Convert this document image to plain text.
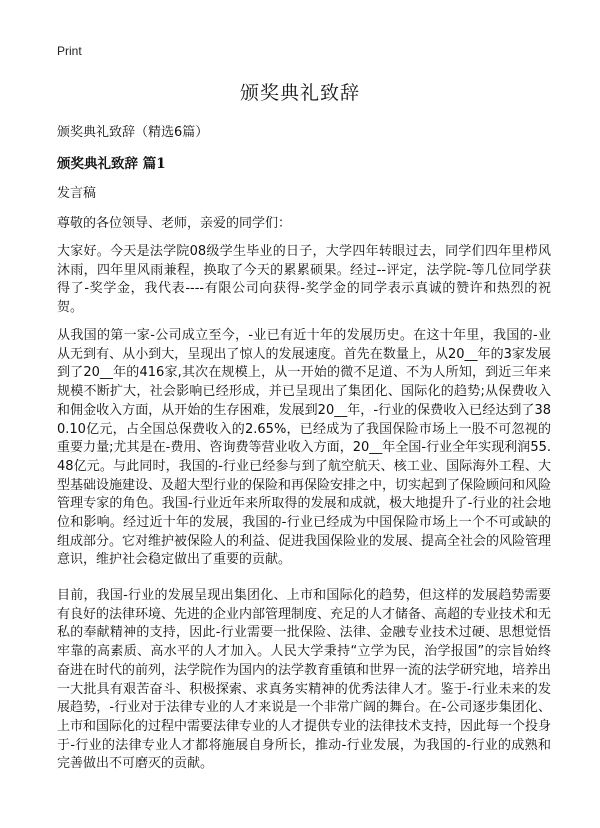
Print
颁奖典礼致辞
颁奖典礼致辞（精选6篇）
颁奖典礼致辞 篇1
发言稿
尊敬的各位领导、老师，亲爱的同学们：

大家好。今天是法学院08级学生毕业的日子，大学四年转眼过去，同学们四年里栉风沐雨，四年里风雨兼程，换取了今天的累累硕果。经过--评定，法学院-等几位同学获得了-奖学金，我代表----有限公司向获得-奖学金的同学表示真诚的赞许和热烈的祝贺。

从我国的第一家-公司成立至今，-业已有近十年的发展历史。在这十年里，我国的-业从无到有、从小到大，呈现出了惊人的发展速度。首先在数量上，从20__年的3家发展到了20__年的416家,其次在规模上，从一开始的微不足道、不为人所知，到近三年来规模不断扩大，社会影响已经形成，并已呈现出了集团化、国际化的趋势;从保费收入和佣金收入方面，从开始的生存困难，发展到20__年，-行业的保费收入已经达到了380.10亿元，占全国总保费收入的2.65%，已经成为了我国保险市场上一股不可忽视的重要力量;尤其是在-费用、咨询费等营业收入方面，20__年全国-行业全年实现利润55.48亿元。与此同时，我国的-行业已经参与到了航空航天、核工业、国际海外工程、大型基础设施建设、及超大型行业的保险和再保险安排之中，切实起到了保险顾问和风险管理专家的角色。我国-行业近年来所取得的发展和成就，极大地提升了-行业的社会地位和影响。经过近十年的发展，我国的-行业已经成为中国保险市场上一个不可或缺的组成部分。它对维护被保险人的利益、促进我国保险业的发展、提高全社会的风险管理意识，维护社会稳定做出了重要的贡献。

目前，我国-行业的发展呈现出集团化、上市和国际化的趋势，但这样的发展趋势需要有良好的法律环境、先进的企业内部管理制度、充足的人才储备、高超的专业技术和无私的奉献精神的支持，因此-行业需要一批保险、法律、金融专业技术过硬、思想觉悟牢靠的高素质、高水平的人才加入。人民大学秉持“立学为民，治学报国”的宗旨始终奋进在时代的前列，法学院作为国内的法学教育重镇和世界一流的法学研究地，培养出一大批具有艰苦奋斗、积极探索、求真务实精神的优秀法律人才。鉴于-行业未来的发展趋势，-行业对于法律专业的人才来说是一个非常广阔的舞台。在-公司逐步集团化、上市和国际化的过程中需要法律专业的人才提供专业的法律技术支持，因此每一个投身于-行业的法律专业人才都将施展自身所长，推动-行业发展，为我国的-行业的成熟和完善做出不可磨灭的贡献。
